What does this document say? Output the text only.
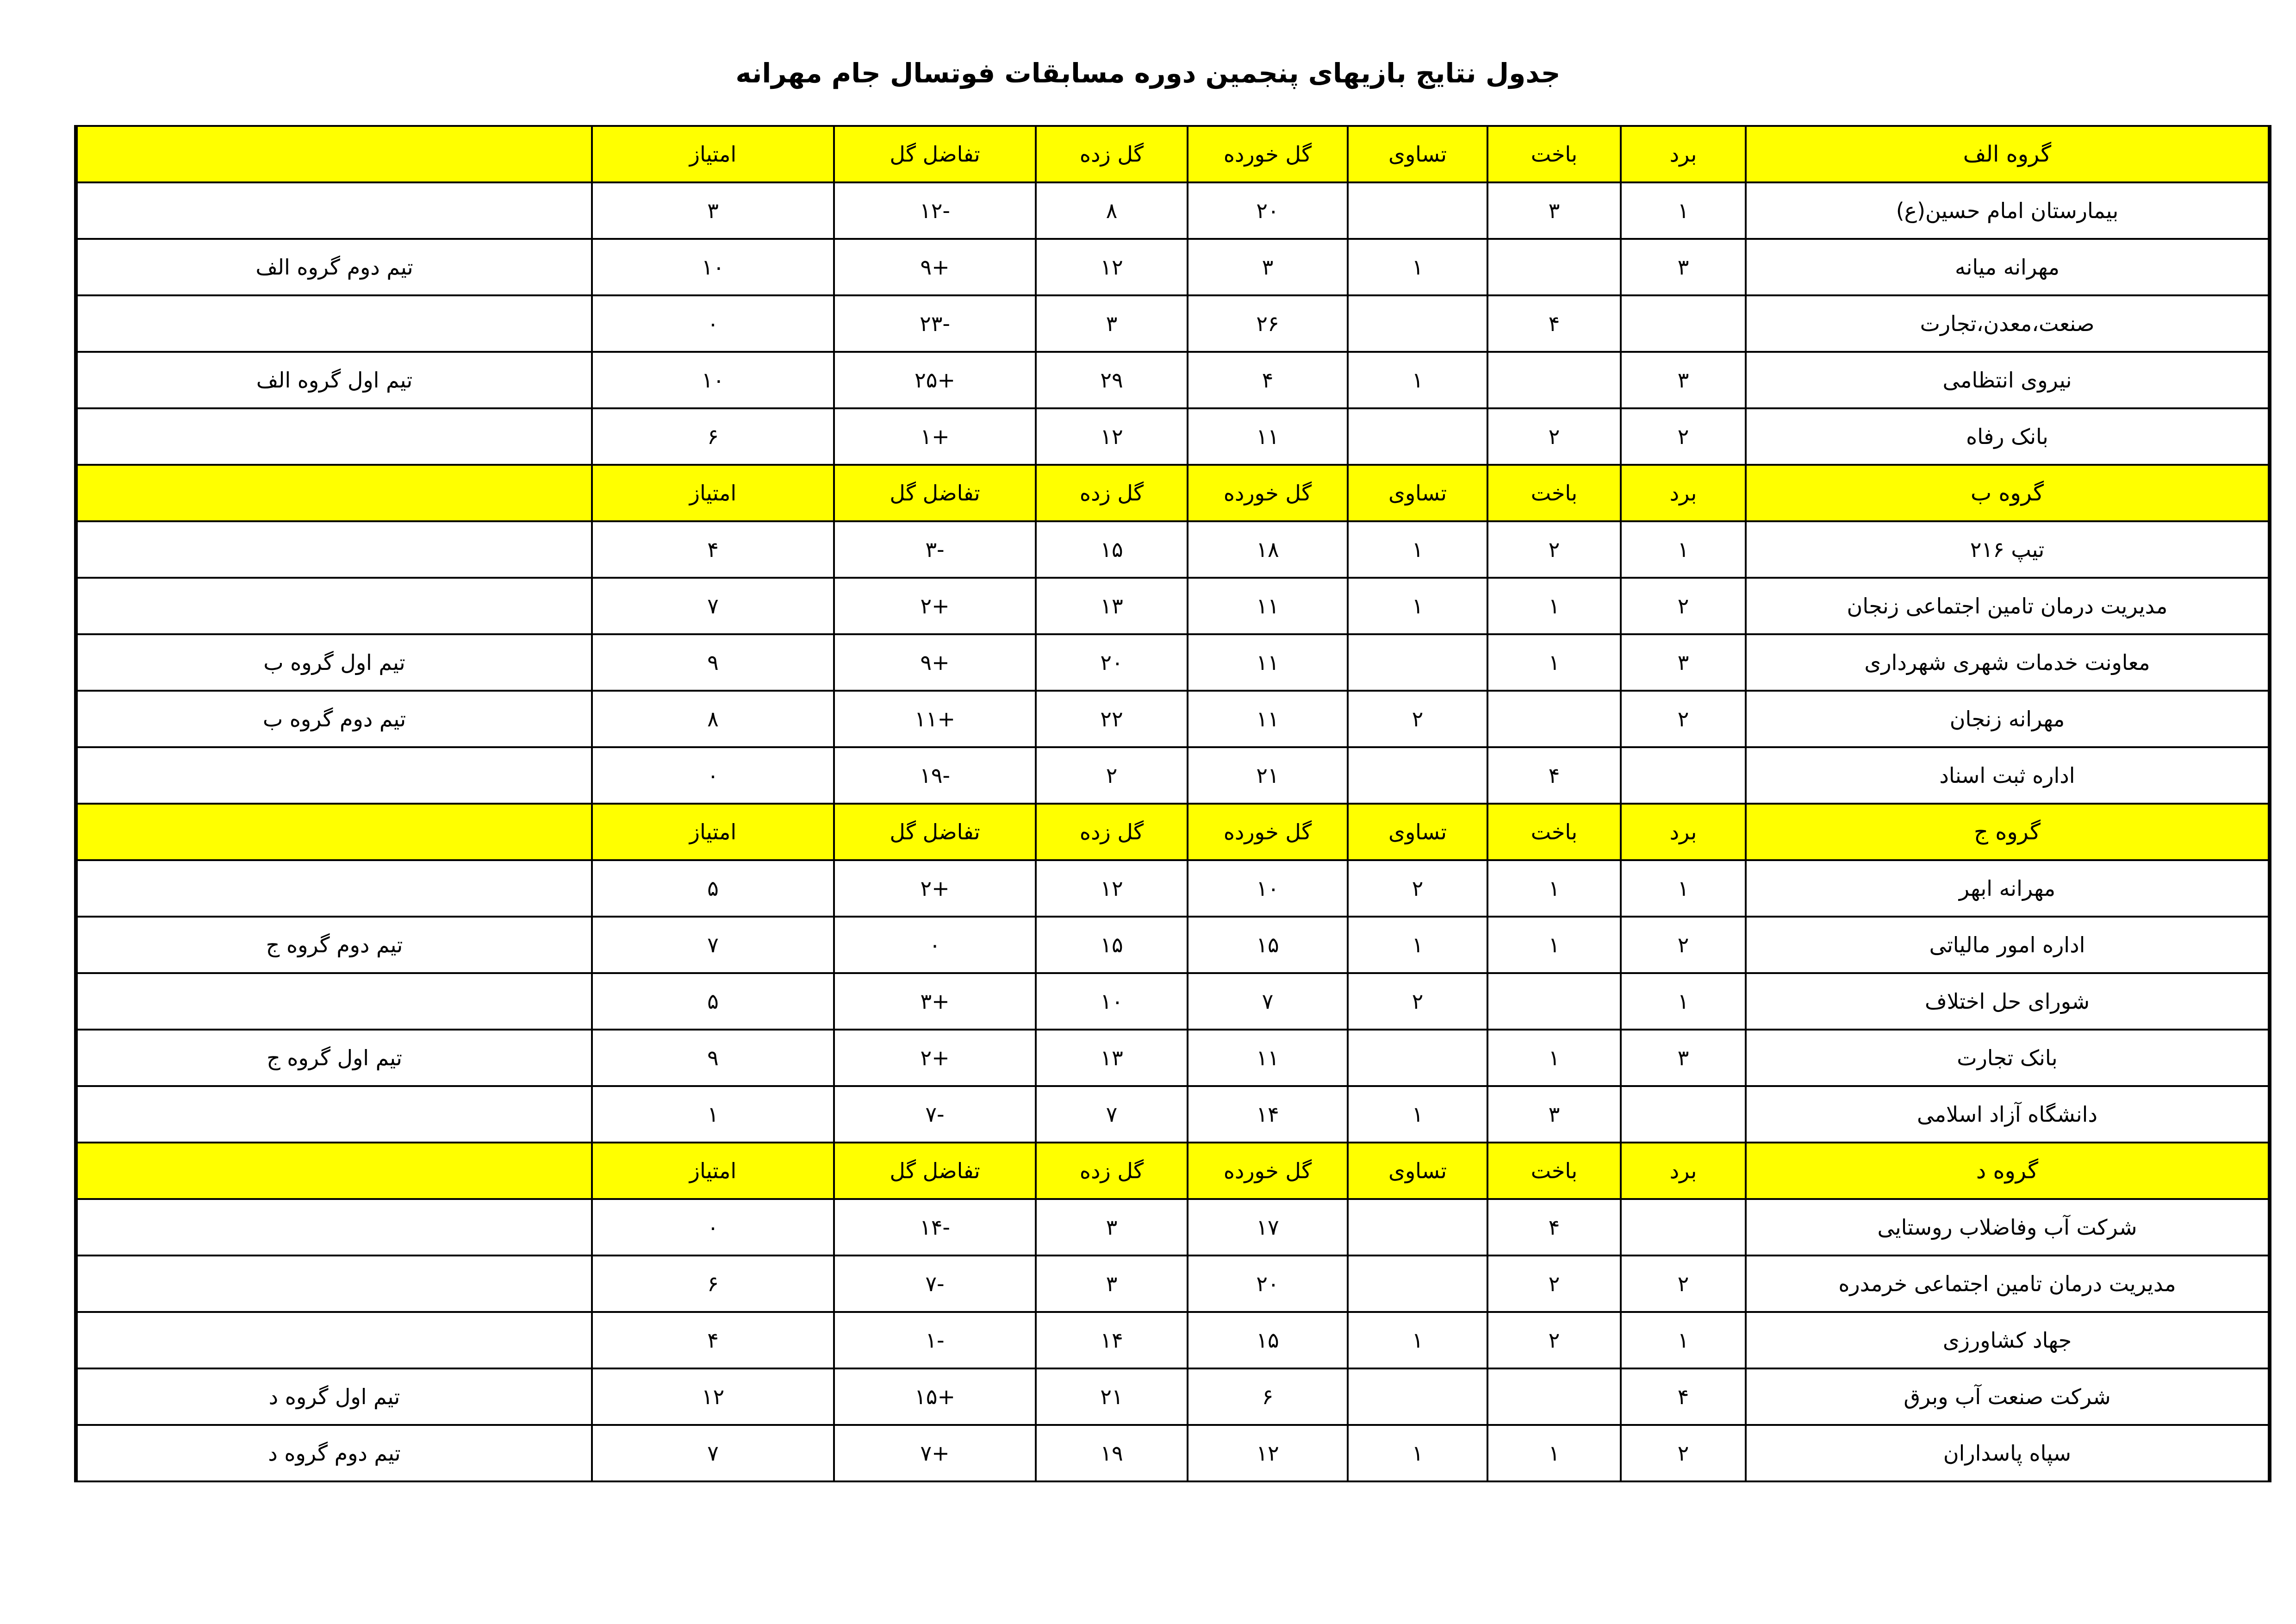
جدول نتایج بازیهای پنجمین دوره مسابقات فوتسال جام مهرانه
گروه الف	برد	باخت	تساوی	گل خورده	گل زده	تفاضل گل	امتیاز	
بیمارستان امام حسین(ع)	۱	۳		۲۰	۸	-۱۲	۳	
مهرانه میانه	۳		۱	۳	۱۲	+۹	۱۰	تیم دوم گروه الف
صنعت،معدن،تجارت		۴		۲۶	۳	-۲۳	۰	
نیروی انتظامی	۳		۱	۴	۲۹	+۲۵	۱۰	تیم اول گروه الف
بانک رفاه	۲	۲		۱۱	۱۲	+۱	۶	
گروه ب	برد	باخت	تساوی	گل خورده	گل زده	تفاضل گل	امتیاز	
تیپ ۲۱۶	۱	۲	۱	۱۸	۱۵	-۳	۴	
مدیریت درمان تامین اجتماعی زنجان	۲	۱	۱	۱۱	۱۳	+۲	۷	
معاونت خدمات شهری شهرداری	۳	۱		۱۱	۲۰	+۹	۹	تیم اول گروه ب
مهرانه زنجان	۲		۲	۱۱	۲۲	+۱۱	۸	تیم دوم گروه ب
اداره ثبت اسناد		۴		۲۱	۲	-۱۹	۰	
گروه ج	برد	باخت	تساوی	گل خورده	گل زده	تفاضل گل	امتیاز	
مهرانه ابهر	۱	۱	۲	۱۰	۱۲	+۲	۵	
اداره امور مالیاتی	۲	۱	۱	۱۵	۱۵	۰	۷	تیم دوم گروه ج
شورای حل اختلاف	۱		۲	۷	۱۰	+۳	۵	
بانک تجارت	۳	۱		۱۱	۱۳	+۲	۹	تیم اول گروه ج
دانشگاه آزاد اسلامی		۳	۱	۱۴	۷	-۷	۱	
گروه د	برد	باخت	تساوی	گل خورده	گل زده	تفاضل گل	امتیاز	
شرکت آب وفاضلاب روستایی		۴		۱۷	۳	-۱۴	۰	
مدیریت درمان تامین اجتماعی خرمدره	۲	۲		۲۰	۳	-۷	۶	
جهاد کشاورزی	۱	۲	۱	۱۵	۱۴	-۱	۴	
شرکت صنعت آب وبرق	۴			۶	۲۱	+۱۵	۱۲	تیم اول گروه د
سپاه پاسداران	۲	۱	۱	۱۲	۱۹	+۷	۷	تیم دوم گروه د
